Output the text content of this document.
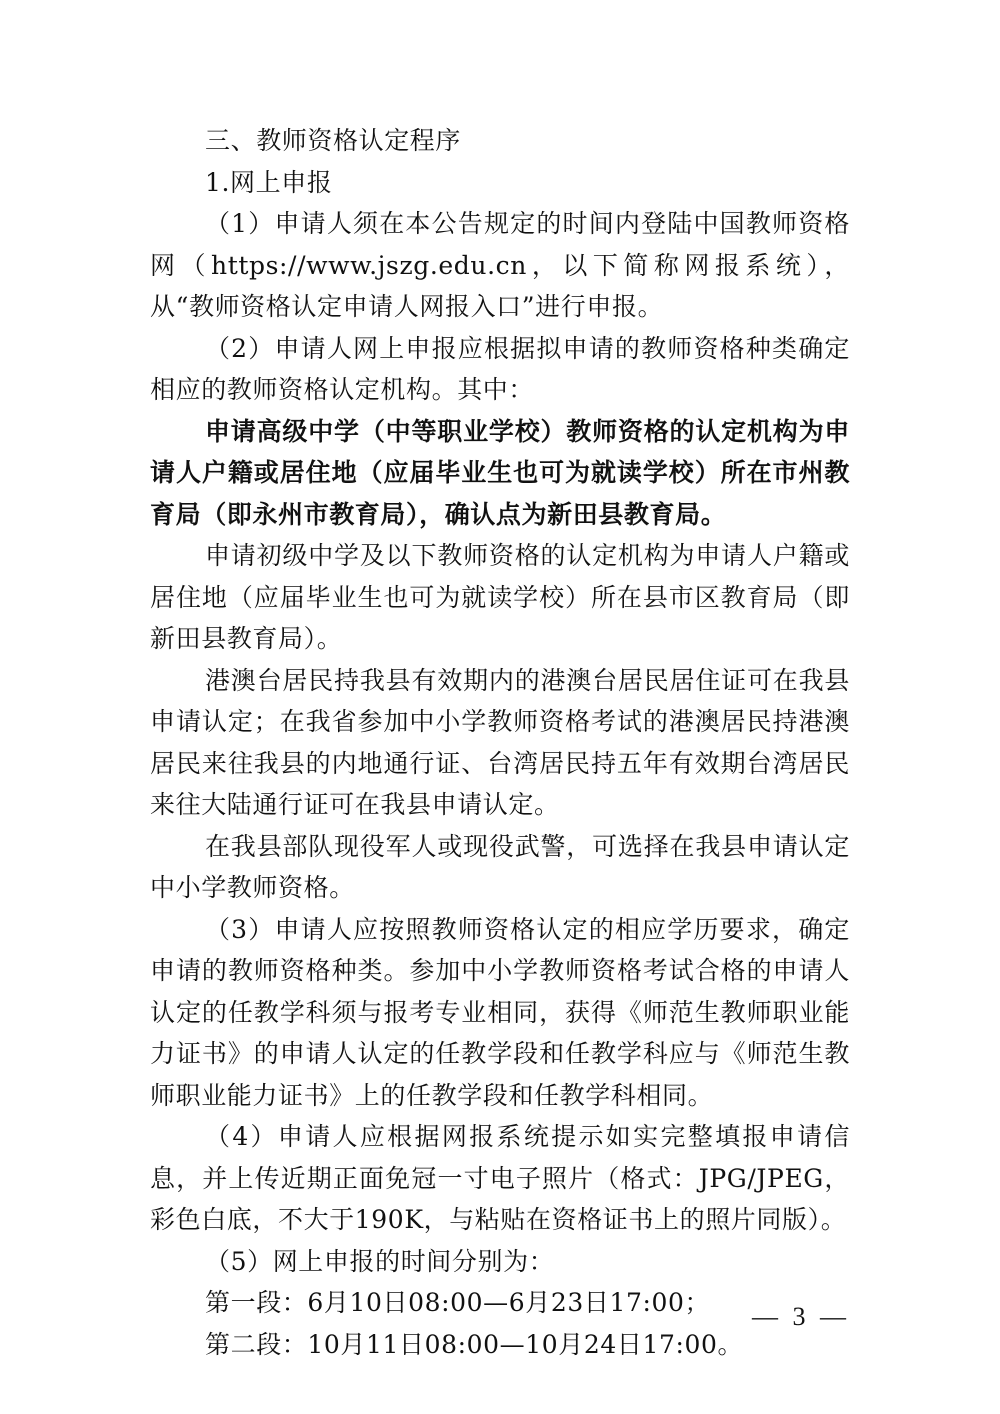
三、教师资格认定程序

1.网上申报

（1）申请人须在本公告规定的时间内登陆中国教师资格网（https://www.jszg.edu.cn，以下简称网报系统），从“教师资格认定申请人网报入口”进行申报。

（2）申请人网上申报应根据拟申请的教师资格种类确定相应的教师资格认定机构。其中：

申请高级中学（中等职业学校）教师资格的认定机构为申请人户籍或居住地（应届毕业生也可为就读学校）所在市州教育局（即永州市教育局），确认点为新田县教育局。

申请初级中学及以下教师资格的认定机构为申请人户籍或居住地（应届毕业生也可为就读学校）所在县市区教育局（即新田县教育局）。

港澳台居民持我县有效期内的港澳台居民居住证可在我县申请认定；在我省参加中小学教师资格考试的港澳居民持港澳居民来往我县的内地通行证、台湾居民持五年有效期台湾居民来往大陆通行证可在我县申请认定。

在我县部队现役军人或现役武警，可选择在我县申请认定中小学教师资格。

（3）申请人应按照教师资格认定的相应学历要求，确定申请的教师资格种类。参加中小学教师资格考试合格的申请人认定的任教学科须与报考专业相同，获得《师范生教师职业能力证书》的申请人认定的任教学段和任教学科应与《师范生教师职业能力证书》上的任教学段和任教学科相同。

（4）申请人应根据网报系统提示如实完整填报申请信息，并上传近期正面免冠一寸电子照片（格式：JPG/JPEG，彩色白底，不大于190K，与粘贴在资格证书上的照片同版）。

（5）网上申报的时间分别为：

第一段：6月10日08:00—6月23日17:00；

第二段：10月11日08:00—10月24日17:00。

— 3 —
